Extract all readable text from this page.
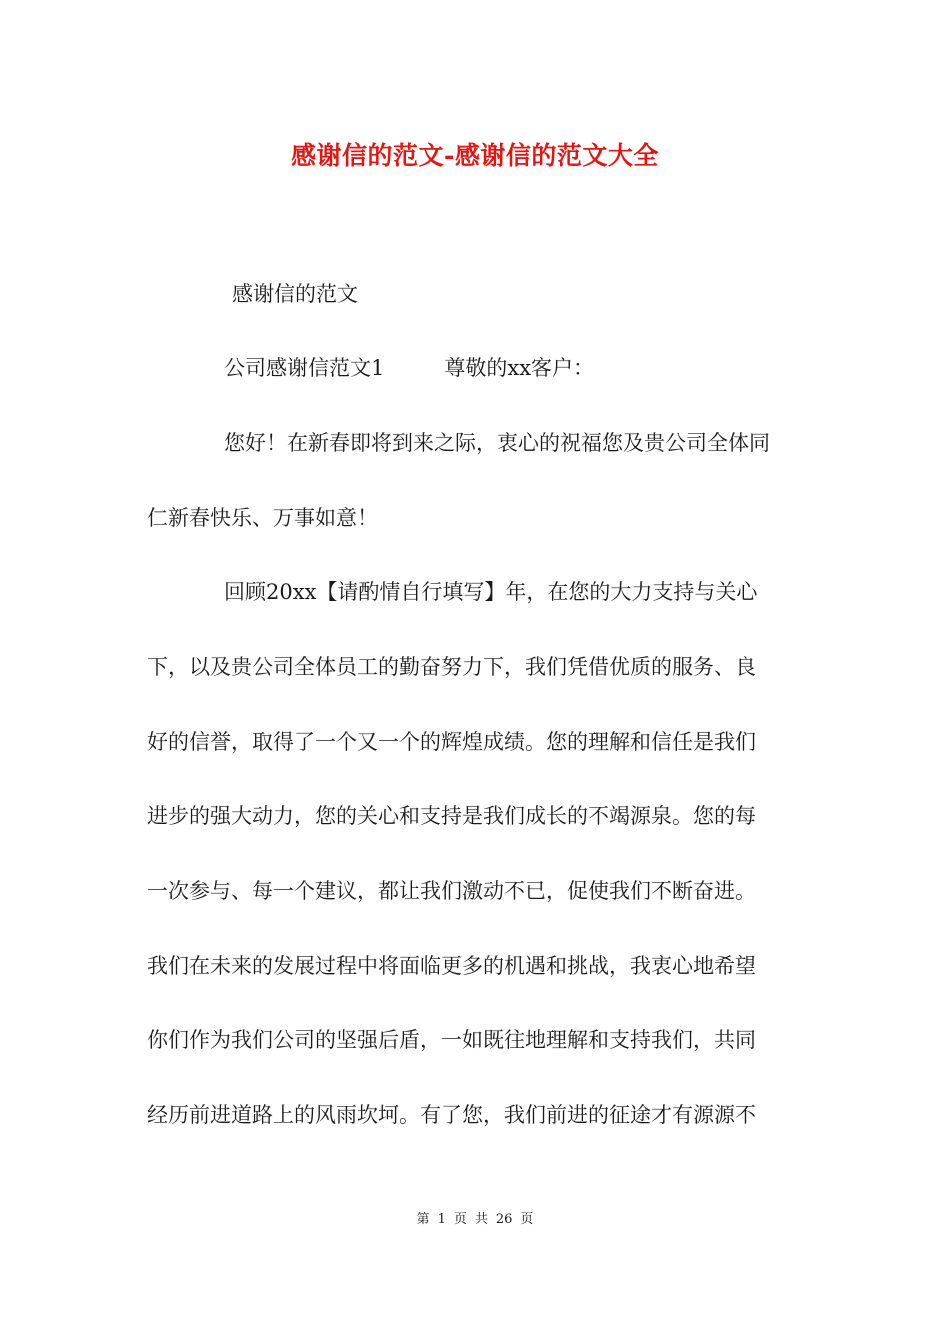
感谢信的范文-感谢信的范文大全
感谢信的范文
公司感谢信范文1	尊敬的xx客户：
您好！在新春即将到来之际，衷心的祝福您及贵公司全体同
仁新春快乐、万事如意！
回顾20xx【请酌情自行填写】年，在您的大力支持与关心
下，以及贵公司全体员工的勤奋努力下，我们凭借优质的服务、良
好的信誉，取得了一个又一个的辉煌成绩。您的理解和信任是我们
进步的强大动力，您的关心和支持是我们成长的不竭源泉。您的每
一次参与、每一个建议，都让我们激动不已，促使我们不断奋进。
我们在未来的发展过程中将面临更多的机遇和挑战，我衷心地希望
你们作为我们公司的坚强后盾，一如既往地理解和支持我们，共同
经历前进道路上的风雨坎坷。有了您，我们前进的征途才有源源不
第 1 页 共 26 页
